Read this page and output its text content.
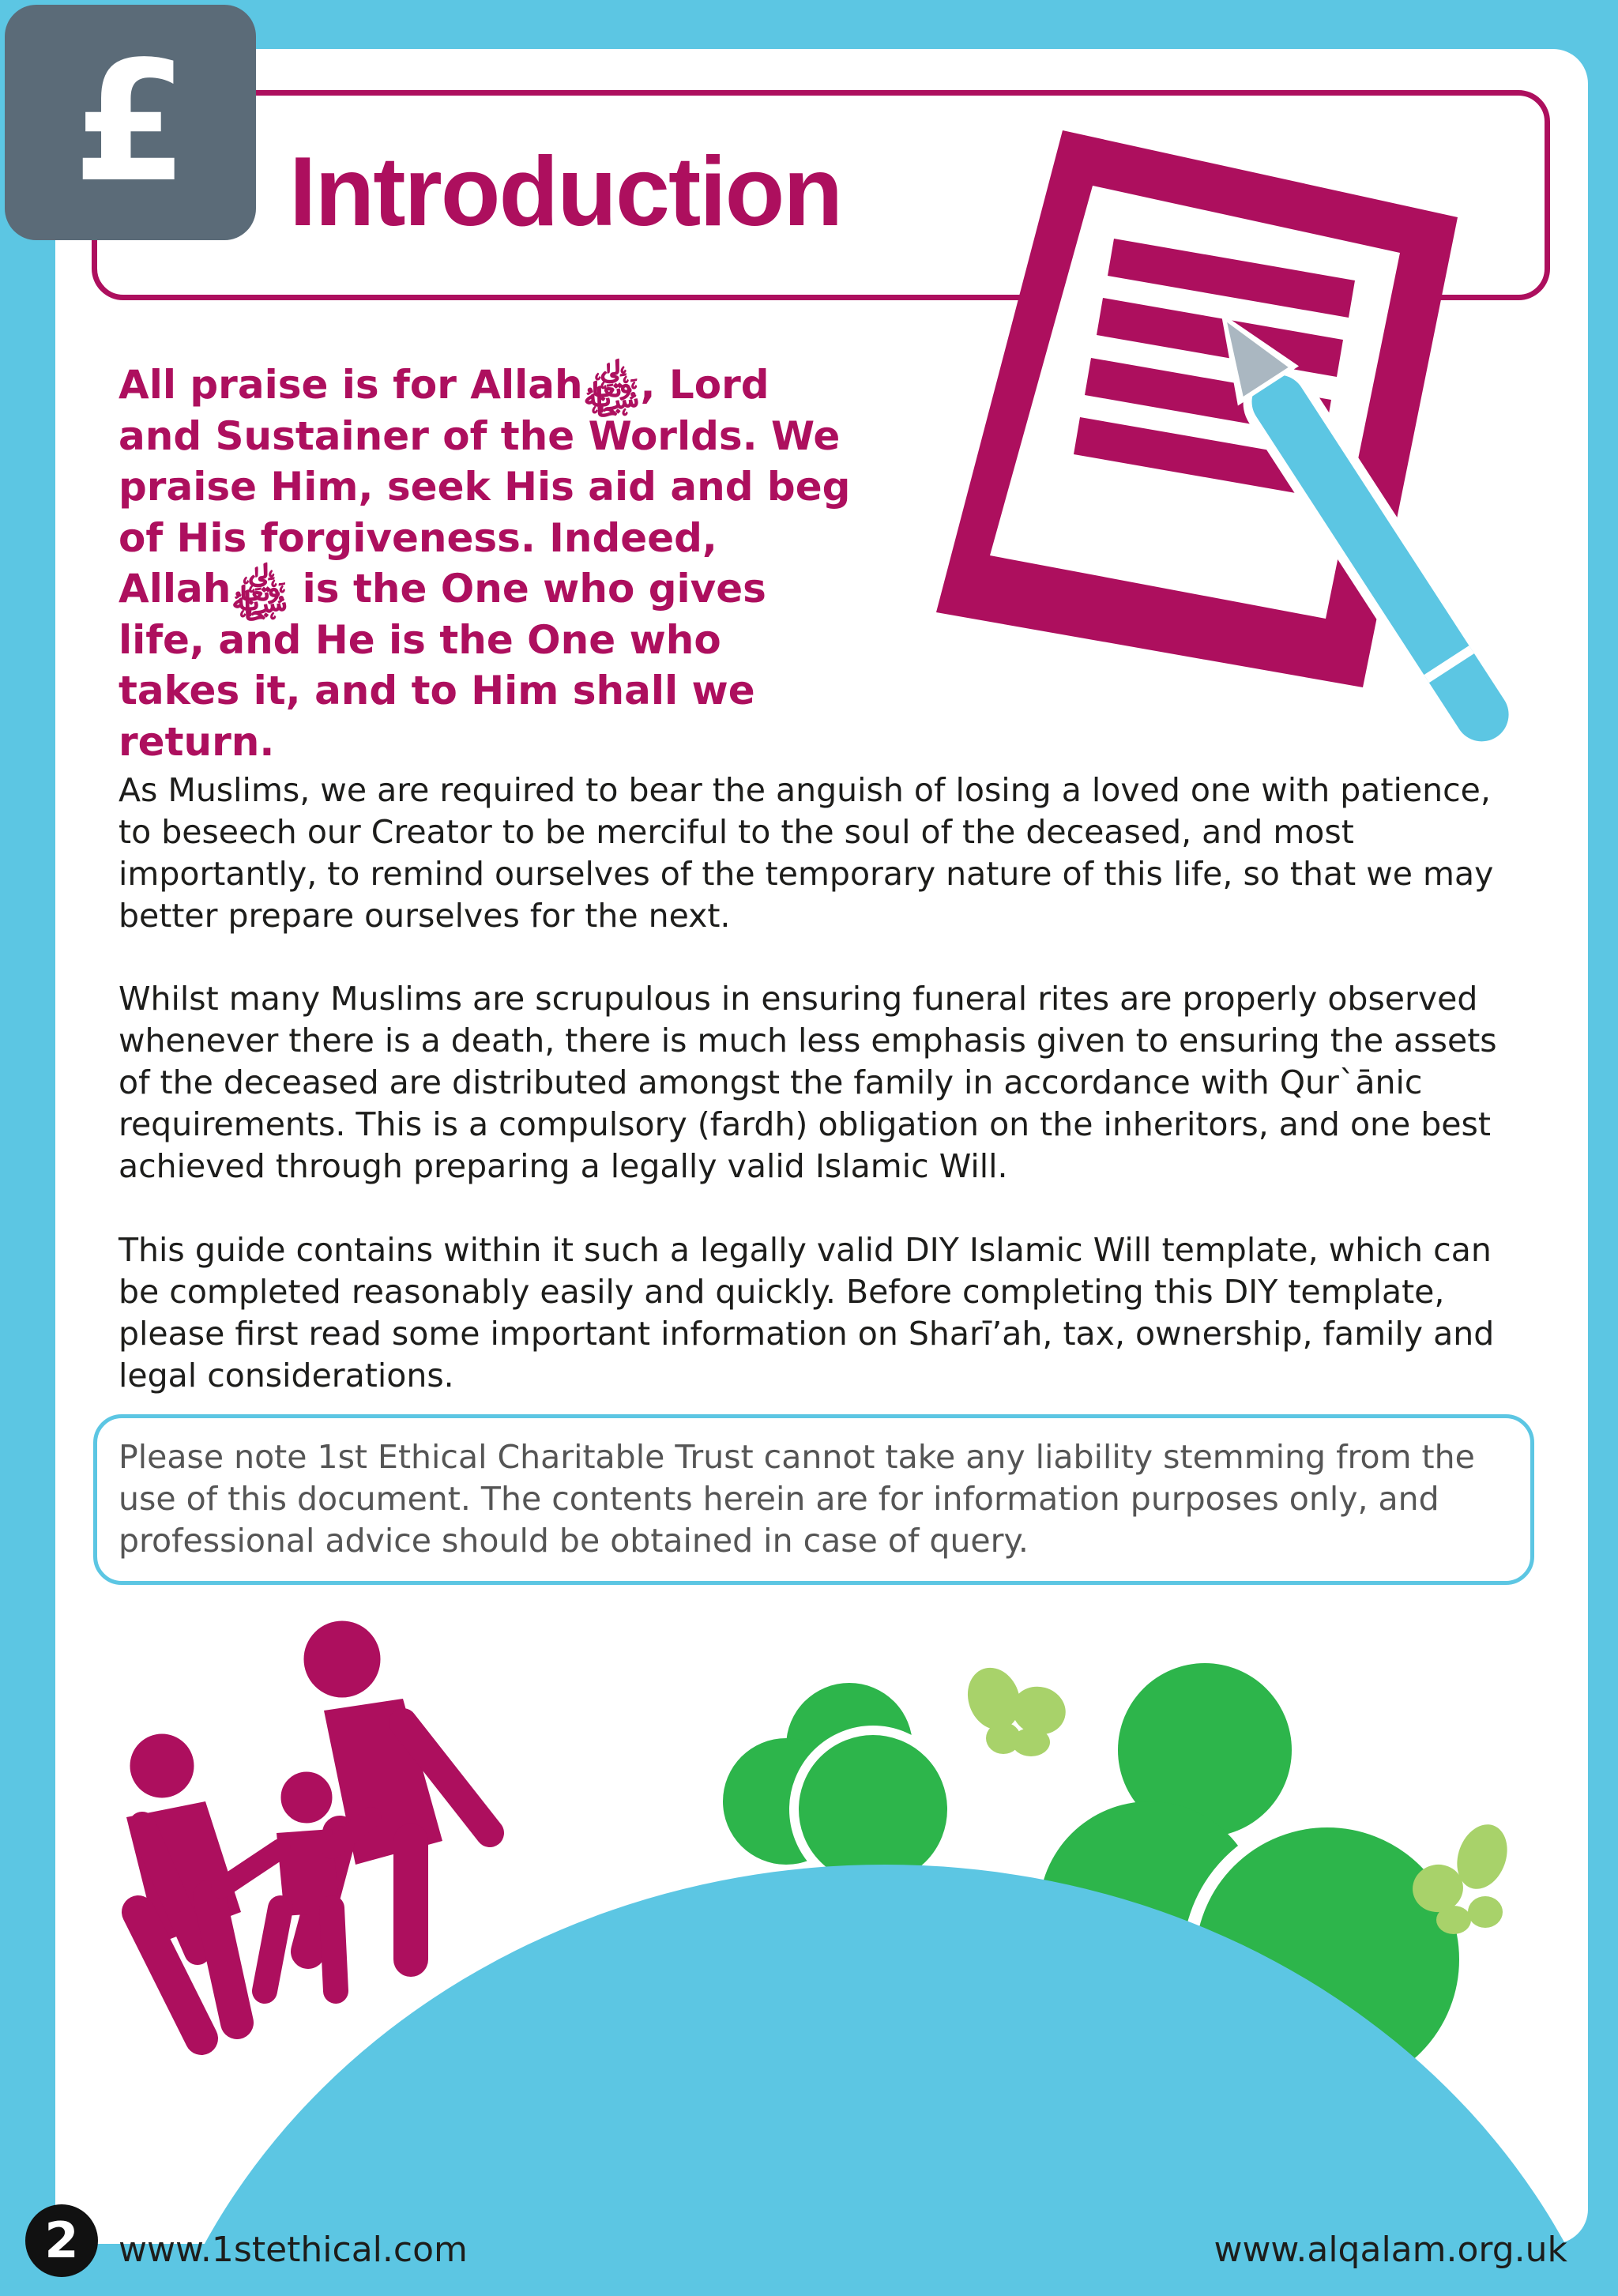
£	Introduction

All praise is for Allah﷾, Lord and Sustainer of the Worlds. We praise Him, seek His aid and beg of His forgiveness. Indeed, Allah﷾ is the One who gives life, and He is the One who takes it, and to Him shall we return.

As Muslims, we are required to bear the anguish of losing a loved one with patience, to beseech our Creator to be merciful to the soul of the deceased, and most importantly, to remind ourselves of the temporary nature of this life, so that we may better prepare ourselves for the next.

Whilst many Muslims are scrupulous in ensuring funeral rites are properly observed whenever there is a death, there is much less emphasis given to ensuring the assets of the deceased are distributed amongst the family in accordance with Qur`ānic requirements. This is a compulsory (fardh) obligation on the inheritors, and one best achieved through preparing a legally valid Islamic Will.

This guide contains within it such a legally valid DIY Islamic Will template, which can be completed reasonably easily and quickly. Before completing this DIY template, please first read some important information on Sharī’ah, tax, ownership, family and legal considerations.

Please note 1st Ethical Charitable Trust cannot take any liability stemming from the use of this document. The contents herein are for information purposes only, and professional advice should be obtained in case of query.

2	www.1stethical.com	www.alqalam.org.uk
